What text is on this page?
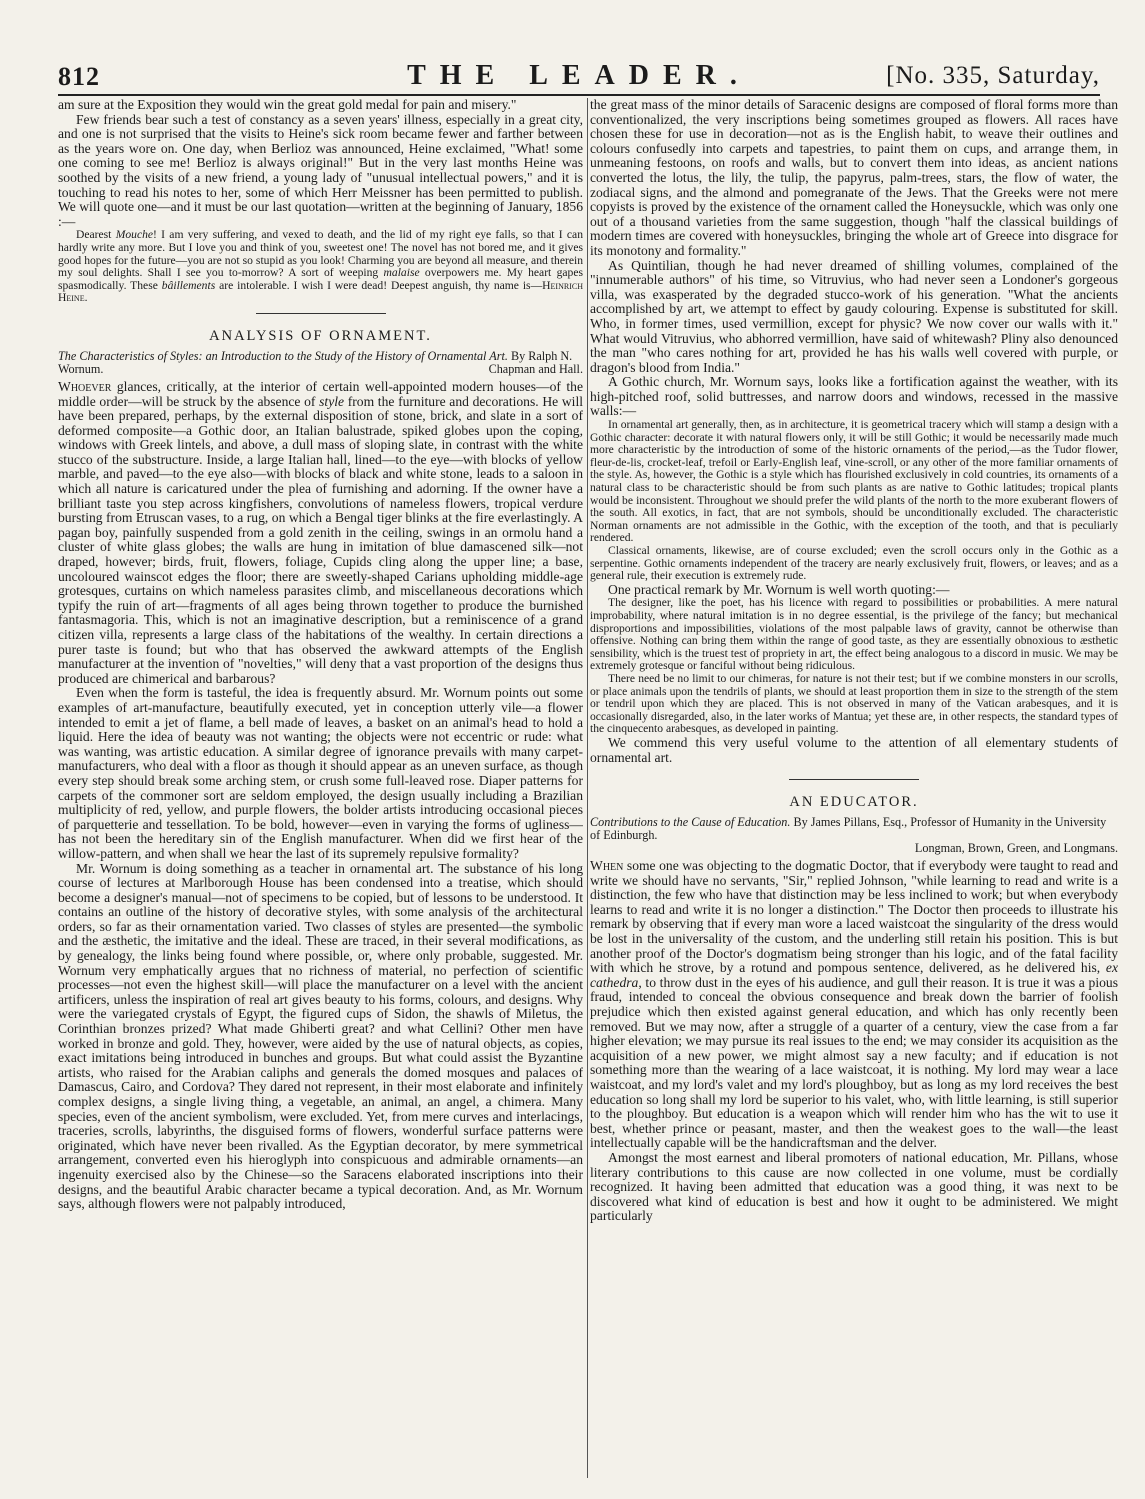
812	THE LEADER.	[No. 335, Saturday,

am sure at the Exposition they would win the great gold medal for pain and misery."

Few friends bear such a test of constancy as a seven years' illness, especially in a great city, and one is not surprised that the visits to Heine's sick room became fewer and farther between as the years wore on. One day, when Berlioz was announced, Heine exclaimed, "What! some one coming to see me! Berlioz is always original!" But in the very last months Heine was soothed by the visits of a new friend, a young lady of "unusual intellectual powers," and it is touching to read his notes to her, some of which Herr Meissner has been permitted to publish. We will quote one—and it must be our last quotation—written at the beginning of January, 1856 :—

Dearest Mouche! I am very suffering, and vexed to death, and the lid of my right eye falls, so that I can hardly write any more. But I love you and think of you, sweetest one! The novel has not bored me, and it gives good hopes for the future—you are not so stupid as you look! Charming you are beyond all measure, and therein my soul delights. Shall I see you to-morrow? A sort of weeping malaise overpowers me. My heart gapes spasmodically. These bâillements are intolerable. I wish I were dead! Deepest anguish, thy name is—Heinrich Heine.

ANALYSIS OF ORNAMENT.

The Characteristics of Styles: an Introduction to the Study of the History of Ornamental Art. By Ralph N. Wornum.	Chapman and Hall.

Whoever glances, critically, at the interior of certain well-appointed modern houses—of the middle order—will be struck by the absence of style from the furniture and decorations. He will have been prepared, perhaps, by the external disposition of stone, brick, and slate in a sort of deformed composite—a Gothic door, an Italian balustrade, spiked globes upon the coping, windows with Greek lintels, and above, a dull mass of sloping slate, in contrast with the white stucco of the substructure. Inside, a large Italian hall, lined—to the eye—with blocks of yellow marble, and paved—to the eye also—with blocks of black and white stone, leads to a saloon in which all nature is caricatured under the plea of furnishing and adorning. If the owner have a brilliant taste you step across kingfishers, convolutions of nameless flowers, tropical verdure bursting from Etruscan vases, to a rug, on which a Bengal tiger blinks at the fire everlastingly. A pagan boy, painfully suspended from a gold zenith in the ceiling, swings in an ormolu hand a cluster of white glass globes; the walls are hung in imitation of blue damascened silk—not draped, however; birds, fruit, flowers, foliage, Cupids cling along the upper line; a base, uncoloured wainscot edges the floor; there are sweetly-shaped Carians upholding middle-age grotesques, curtains on which nameless parasites climb, and miscellaneous decorations which typify the ruin of art—fragments of all ages being thrown together to produce the burnished fantasmagoria. This, which is not an imaginative description, but a reminiscence of a grand citizen villa, represents a large class of the habitations of the wealthy. In certain directions a purer taste is found; but who that has observed the awkward attempts of the English manufacturer at the invention of "novelties," will deny that a vast proportion of the designs thus produced are chimerical and barbarous?

Even when the form is tasteful, the idea is frequently absurd. Mr. Wornum points out some examples of art-manufacture, beautifully executed, yet in conception utterly vile—a flower intended to emit a jet of flame, a bell made of leaves, a basket on an animal's head to hold a liquid. Here the idea of beauty was not wanting; the objects were not eccentric or rude: what was wanting, was artistic education. A similar degree of ignorance prevails with many carpet-manufacturers, who deal with a floor as though it should appear as an uneven surface, as though every step should break some arching stem, or crush some full-leaved rose. Diaper patterns for carpets of the commoner sort are seldom employed, the design usually including a Brazilian multiplicity of red, yellow, and purple flowers, the bolder artists introducing occasional pieces of parquetterie and tessellation. To be bold, however—even in varying the forms of ugliness—has not been the hereditary sin of the English manufacturer. When did we first hear of the willow-pattern, and when shall we hear the last of its supremely repulsive formality?

Mr. Wornum is doing something as a teacher in ornamental art. The substance of his long course of lectures at Marlborough House has been condensed into a treatise, which should become a designer's manual—not of specimens to be copied, but of lessons to be understood. It contains an outline of the history of decorative styles, with some analysis of the architectural orders, so far as their ornamentation varied. Two classes of styles are presented—the symbolic and the æsthetic, the imitative and the ideal. These are traced, in their several modifications, as by genealogy, the links being found where possible, or, where only probable, suggested. Mr. Wornum very emphatically argues that no richness of material, no perfection of scientific processes—not even the highest skill—will place the manufacturer on a level with the ancient artificers, unless the inspiration of real art gives beauty to his forms, colours, and designs. Why were the variegated crystals of Egypt, the figured cups of Sidon, the shawls of Miletus, the Corinthian bronzes prized? What made Ghiberti great? and what Cellini? Other men have worked in bronze and gold. They, however, were aided by the use of natural objects, as copies, exact imitations being introduced in bunches and groups. But what could assist the Byzantine artists, who raised for the Arabian caliphs and generals the domed mosques and palaces of Damascus, Cairo, and Cordova? They dared not represent, in their most elaborate and infinitely complex designs, a single living thing, a vegetable, an animal, an angel, a chimera. Many species, even of the ancient symbolism, were excluded. Yet, from mere curves and interlacings, traceries, scrolls, labyrinths, the disguised forms of flowers, wonderful surface patterns were originated, which have never been rivalled. As the Egyptian decorator, by mere symmetrical arrangement, converted even his hieroglyph into conspicuous and admirable ornaments—an ingenuity exercised also by the Chinese—so the Saracens elaborated inscriptions into their designs, and the beautiful Arabic character became a typical decoration. And, as Mr. Wornum says, although flowers were not palpably introduced,

the great mass of the minor details of Saracenic designs are composed of floral forms more than conventionalized, the very inscriptions being sometimes grouped as flowers. All races have chosen these for use in decoration—not as is the English habit, to weave their outlines and colours confusedly into carpets and tapestries, to paint them on cups, and arrange them, in unmeaning festoons, on roofs and walls, but to convert them into ideas, as ancient nations converted the lotus, the lily, the tulip, the papyrus, palm-trees, stars, the flow of water, the zodiacal signs, and the almond and pomegranate of the Jews. That the Greeks were not mere copyists is proved by the existence of the ornament called the Honeysuckle, which was only one out of a thousand varieties from the same suggestion, though "half the classical buildings of modern times are covered with honeysuckles, bringing the whole art of Greece into disgrace for its monotony and formality."

As Quintilian, though he had never dreamed of shilling volumes, complained of the "innumerable authors" of his time, so Vitruvius, who had never seen a Londoner's gorgeous villa, was exasperated by the degraded stucco-work of his generation. "What the ancients accomplished by art, we attempt to effect by gaudy colouring. Expense is substituted for skill. Who, in former times, used vermillion, except for physic? We now cover our walls with it." What would Vitruvius, who abhorred vermillion, have said of whitewash? Pliny also denounced the man "who cares nothing for art, provided he has his walls well covered with purple, or dragon's blood from India."

A Gothic church, Mr. Wornum says, looks like a fortification against the weather, with its high-pitched roof, solid buttresses, and narrow doors and windows, recessed in the massive walls:—

In ornamental art generally, then, as in architecture, it is geometrical tracery which will stamp a design with a Gothic character: decorate it with natural flowers only, it will be still Gothic; it would be necessarily made much more characteristic by the introduction of some of the historic ornaments of the period,—as the Tudor flower, fleur-de-lis, crocket-leaf, trefoil or Early-English leaf, vine-scroll, or any other of the more familiar ornaments of the style. As, however, the Gothic is a style which has flourished exclusively in cold countries, its ornaments of a natural class to be characteristic should be from such plants as are native to Gothic latitudes; tropical plants would be inconsistent. Throughout we should prefer the wild plants of the north to the more exuberant flowers of the south. All exotics, in fact, that are not symbols, should be unconditionally excluded. The characteristic Norman ornaments are not admissible in the Gothic, with the exception of the tooth, and that is peculiarly rendered.

Classical ornaments, likewise, are of course excluded; even the scroll occurs only in the Gothic as a serpentine. Gothic ornaments independent of the tracery are nearly exclusively fruit, flowers, or leaves; and as a general rule, their execution is extremely rude.

One practical remark by Mr. Wornum is well worth quoting:—

The designer, like the poet, has his licence with regard to possibilities or probabilities. A mere natural improbability, where natural imitation is in no degree essential, is the privilege of the fancy; but mechanical disproportions and impossibilities, violations of the most palpable laws of gravity, cannot be otherwise than offensive. Nothing can bring them within the range of good taste, as they are essentially obnoxious to æsthetic sensibility, which is the truest test of propriety in art, the effect being analogous to a discord in music. We may be extremely grotesque or fanciful without being ridiculous.

There need be no limit to our chimeras, for nature is not their test; but if we combine monsters in our scrolls, or place animals upon the tendrils of plants, we should at least proportion them in size to the strength of the stem or tendril upon which they are placed. This is not observed in many of the Vatican arabesques, and it is occasionally disregarded, also, in the later works of Mantua; yet these are, in other respects, the standard types of the cinquecento arabesques, as developed in painting.

We commend this very useful volume to the attention of all elementary students of ornamental art.

AN EDUCATOR.

Contributions to the Cause of Education. By James Pillans, Esq., Professor of Humanity in the University of Edinburgh.

Longman, Brown, Green, and Longmans.

When some one was objecting to the dogmatic Doctor, that if everybody were taught to read and write we should have no servants, "Sir," replied Johnson, "while learning to read and write is a distinction, the few who have that distinction may be less inclined to work; but when everybody learns to read and write it is no longer a distinction." The Doctor then proceeds to illustrate his remark by observing that if every man wore a laced waistcoat the singularity of the dress would be lost in the universality of the custom, and the underling still retain his position. This is but another proof of the Doctor's dogmatism being stronger than his logic, and of the fatal facility with which he strove, by a rotund and pompous sentence, delivered, as he delivered his, ex cathedra, to throw dust in the eyes of his audience, and gull their reason. It is true it was a pious fraud, intended to conceal the obvious consequence and break down the barrier of foolish prejudice which then existed against general education, and which has only recently been removed. But we may now, after a struggle of a quarter of a century, view the case from a far higher elevation; we may pursue its real issues to the end; we may consider its acquisition as the acquisition of a new power, we might almost say a new faculty; and if education is not something more than the wearing of a lace waistcoat, it is nothing. My lord may wear a lace waistcoat, and my lord's valet and my lord's ploughboy, but as long as my lord receives the best education so long shall my lord be superior to his valet, who, with little learning, is still superior to the ploughboy. But education is a weapon which will render him who has the wit to use it best, whether prince or peasant, master, and then the weakest goes to the wall—the least intellectually capable will be the handicraftsman and the delver.

Amongst the most earnest and liberal promoters of national education, Mr. Pillans, whose literary contributions to this cause are now collected in one volume, must be cordially recognized. It having been admitted that education was a good thing, it was next to be discovered what kind of education is best and how it ought to be administered. We might particularly
